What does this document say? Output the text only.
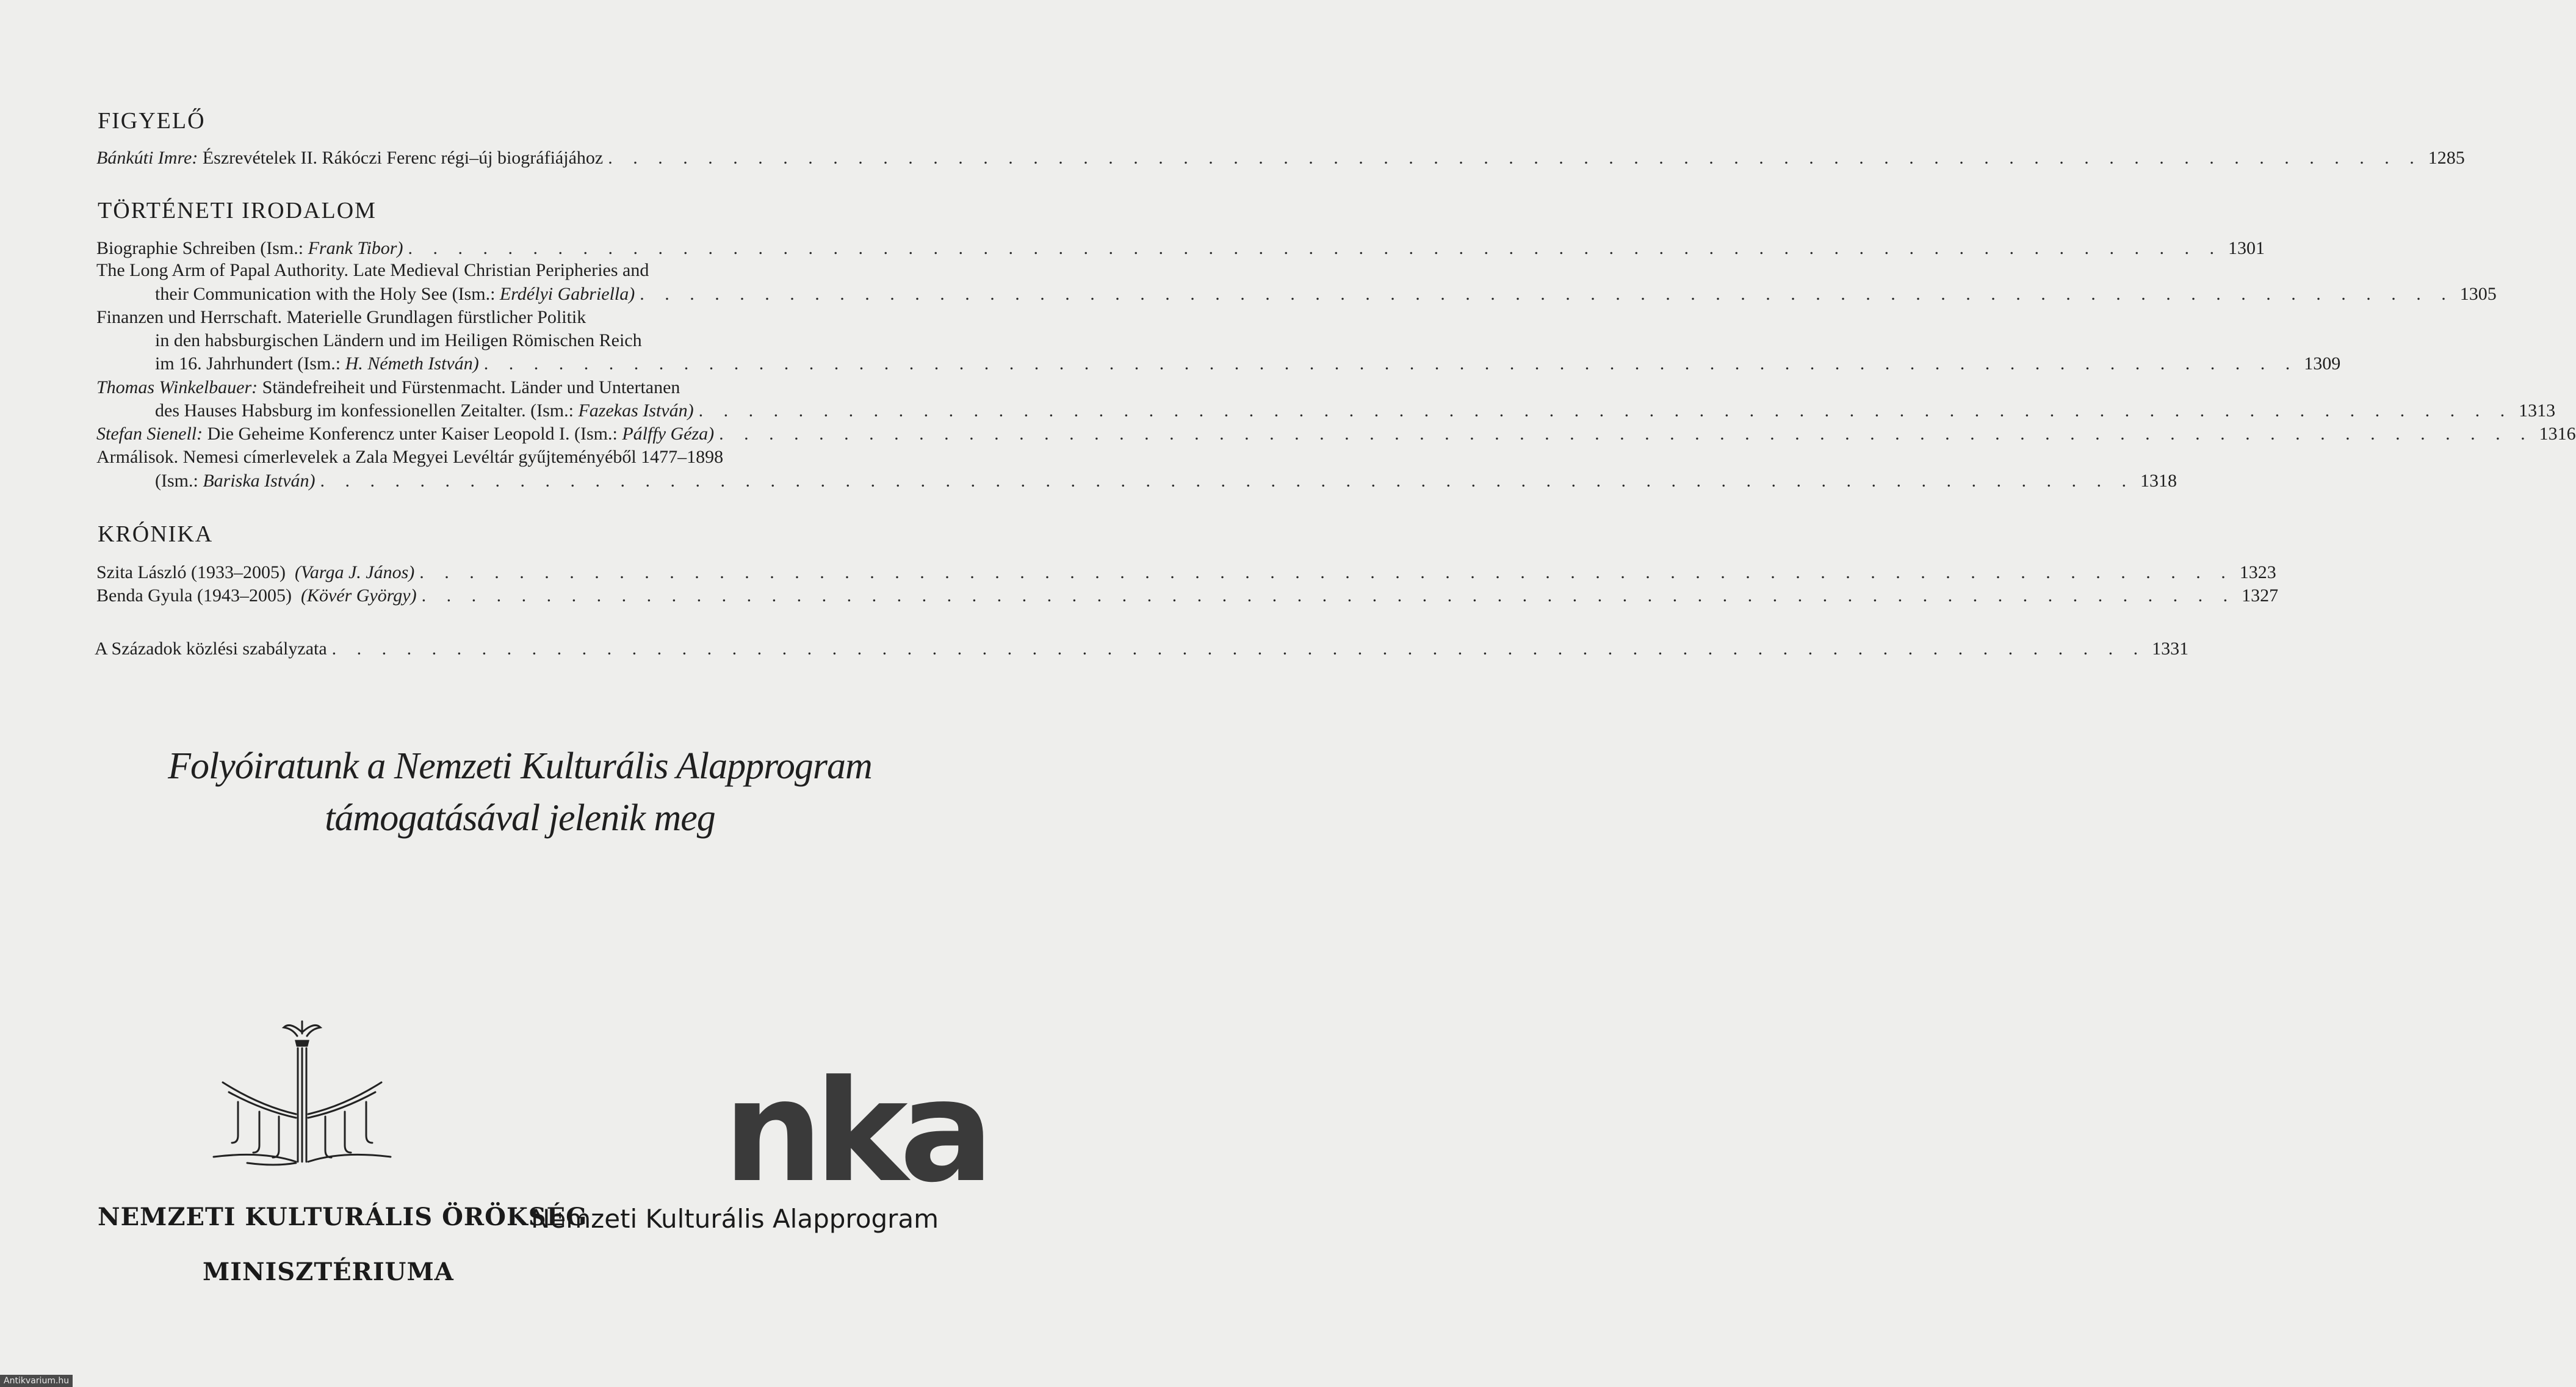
FIGYELŐ
Bánkúti Imre: Észrevételek II. Rákóczi Ferenc régi–új biográfiájához . . . . . . . . . . . . . . . . . . . . . . . . . . . . . . . . . . . . . . . . . . . . . . . . . . . . . . . . . . . . . . . . . . . . . . . . . 1285
TÖRTÉNETI IRODALOM
Biographie Schreiben (Ism.: Frank Tibor) . . . . . . . . . . . . . . . . . . . . . . . . . . . . . . . . . . . . . . . . . . . . . . . . . . . . . . . . . . . . . . . . . . . . . . . . . 1301
The Long Arm of Papal Authority. Late Medieval Christian Peripheries and
their Communication with the Holy See (Ism.: Erdélyi Gabriella) . . . . . . . . . . . . . . . . . . . . . . . . . . . . . . . . . . . . . . . . . . . . . . . . . . . . . . . . . . . . . . . . . . . . . . . . . 1305
Finanzen und Herrschaft. Materielle Grundlagen fürstlicher Politik
in den habsburgischen Ländern und im Heiligen Römischen Reich
im 16. Jahrhundert (Ism.: H. Németh István) . . . . . . . . . . . . . . . . . . . . . . . . . . . . . . . . . . . . . . . . . . . . . . . . . . . . . . . . . . . . . . . . . . . . . . . . . 1309
Thomas Winkelbauer: Ständefreiheit und Fürstenmacht. Länder und Untertanen
des Hauses Habsburg im konfessionellen Zeitalter. (Ism.: Fazekas István) . . . . . . . . . . . . . . . . . . . . . . . . . . . . . . . . . . . . . . . . . . . . . . . . . . . . . . . . . . . . . . . . . . . . . . . . . 1313
Stefan Sienell: Die Geheime Konferencz unter Kaiser Leopold I. (Ism.: Pálffy Géza) . . . . . . . . . . . . . . . . . . . . . . . . . . . . . . . . . . . . . . . . . . . . . . . . . . . . . . . . . . . . . . . . . . . . . . . . . 1316
Armálisok. Nemesi címerlevelek a Zala Megyei Levéltár gyűjteményéből 1477–1898
(Ism.: Bariska István) . . . . . . . . . . . . . . . . . . . . . . . . . . . . . . . . . . . . . . . . . . . . . . . . . . . . . . . . . . . . . . . . . . . . . . . . . 1318
KRÓNIKA
Szita László (1933–2005) (Varga J. János) . . . . . . . . . . . . . . . . . . . . . . . . . . . . . . . . . . . . . . . . . . . . . . . . . . . . . . . . . . . . . . . . . . . . . . . . . 1323
Benda Gyula (1943–2005) (Kövér György) . . . . . . . . . . . . . . . . . . . . . . . . . . . . . . . . . . . . . . . . . . . . . . . . . . . . . . . . . . . . . . . . . . . . . . . . . 1327
A Századok közlési szabályzata . . . . . . . . . . . . . . . . . . . . . . . . . . . . . . . . . . . . . . . . . . . . . . . . . . . . . . . . . . . . . . . . . . . . . . . . . 1331
Folyóiratunk a Nemzeti Kulturális Alapprogram
támogatásával jelenik meg
NEMZETI KULTURÁLIS ÖRÖKSÉG
MINISZTÉRIUMA
nka
Nemzeti Kulturális Alapprogram
Antikvarium.hu
